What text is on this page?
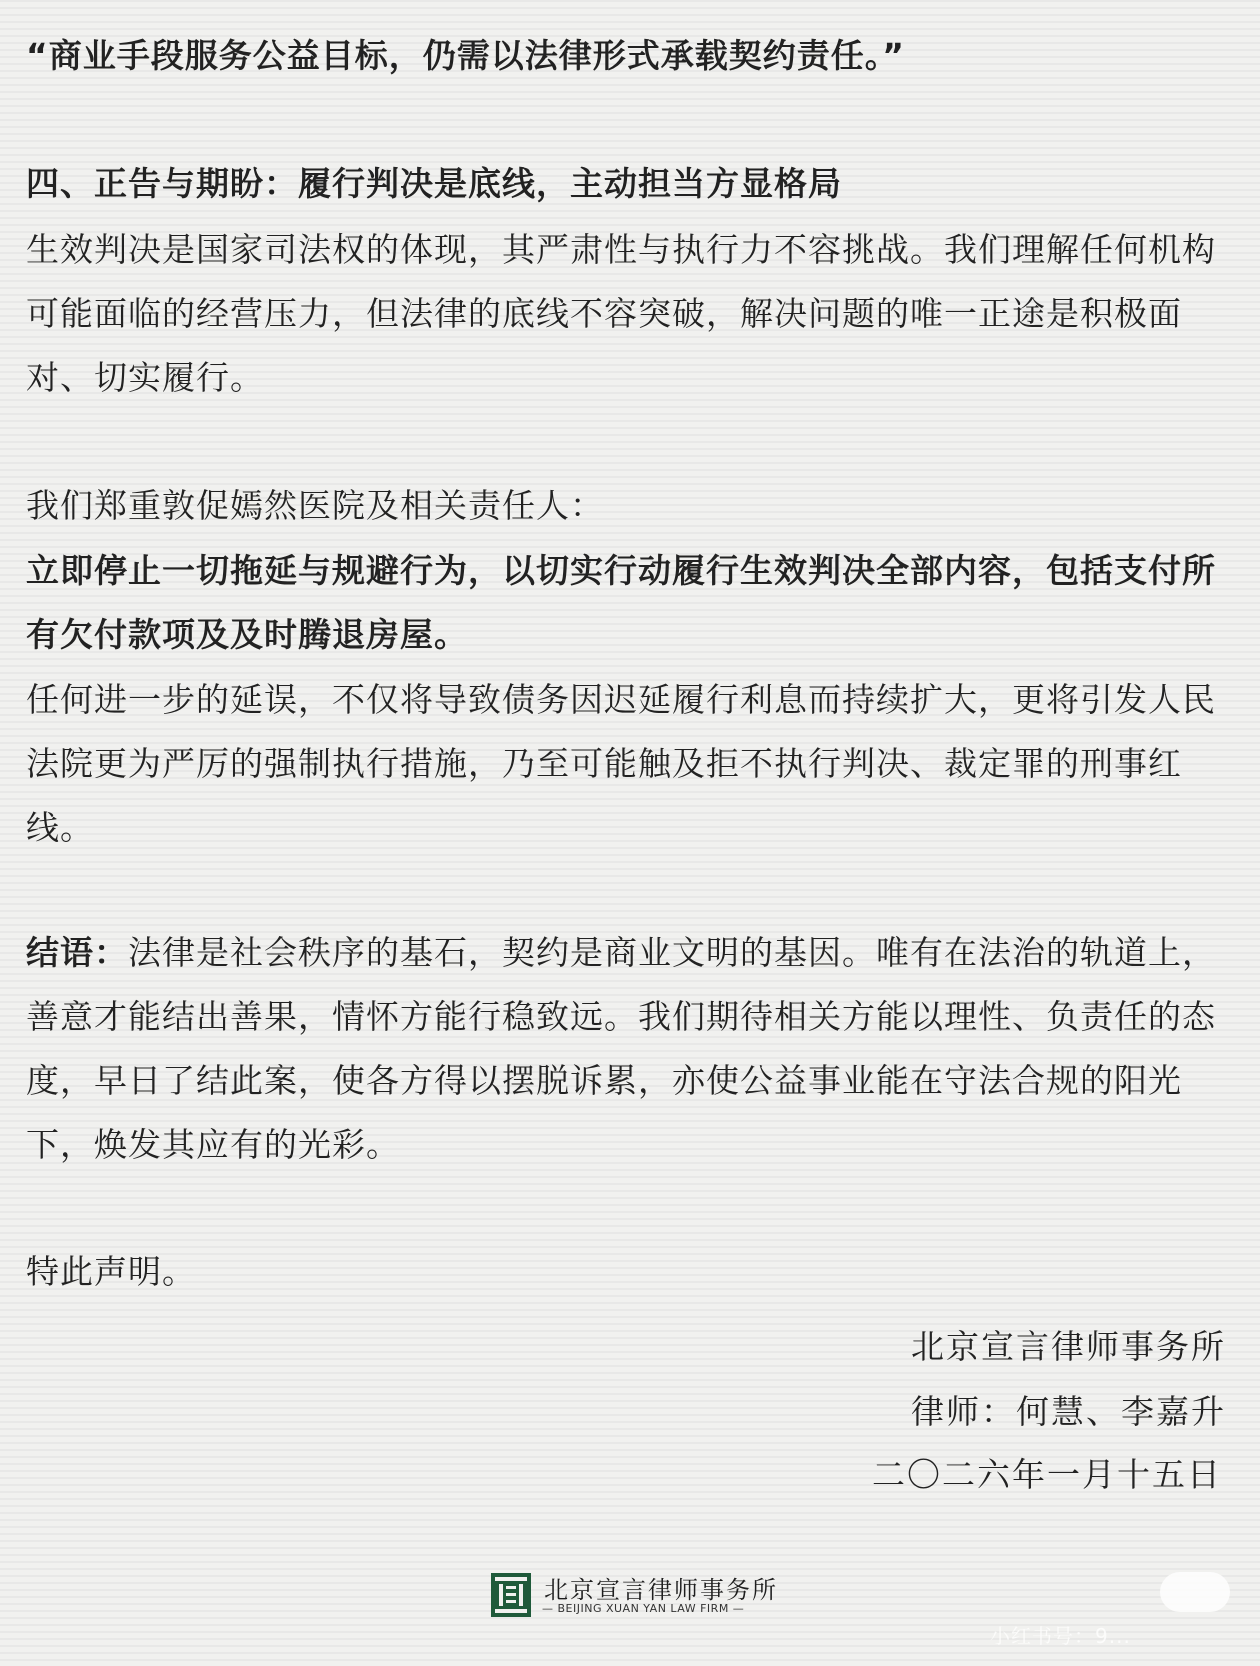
“商业手段服务公益目标，仍需以法律形式承载契约责任。”

四、正告与期盼：履行判决是底线，主动担当方显格局

生效判决是国家司法权的体现，其严肃性与执行力不容挑战。我们理解任何机构可能面临的经营压力，但法律的底线不容突破，解决问题的唯一正途是积极面对、切实履行。

我们郑重敦促嫣然医院及相关责任人：

立即停止一切拖延与规避行为，以切实行动履行生效判决全部内容，包括支付所有欠付款项及及时腾退房屋。

任何进一步的延误，不仅将导致债务因迟延履行利息而持续扩大，更将引发人民法院更为严厉的强制执行措施，乃至可能触及拒不执行判决、裁定罪的刑事红线。

结语：法律是社会秩序的基石，契约是商业文明的基因。唯有在法治的轨道上，善意才能结出善果，情怀方能行稳致远。我们期待相关方能以理性、负责任的态度，早日了结此案，使各方得以摆脱诉累，亦使公益事业能在守法合规的阳光下，焕发其应有的光彩。

特此声明。

北京宣言律师事务所
律师：何慧、李嘉升
二〇二六年一月十五日
北京宣言律师事务所
— BEIJING XUAN YAN LAW FIRM —
小红书号：9...
